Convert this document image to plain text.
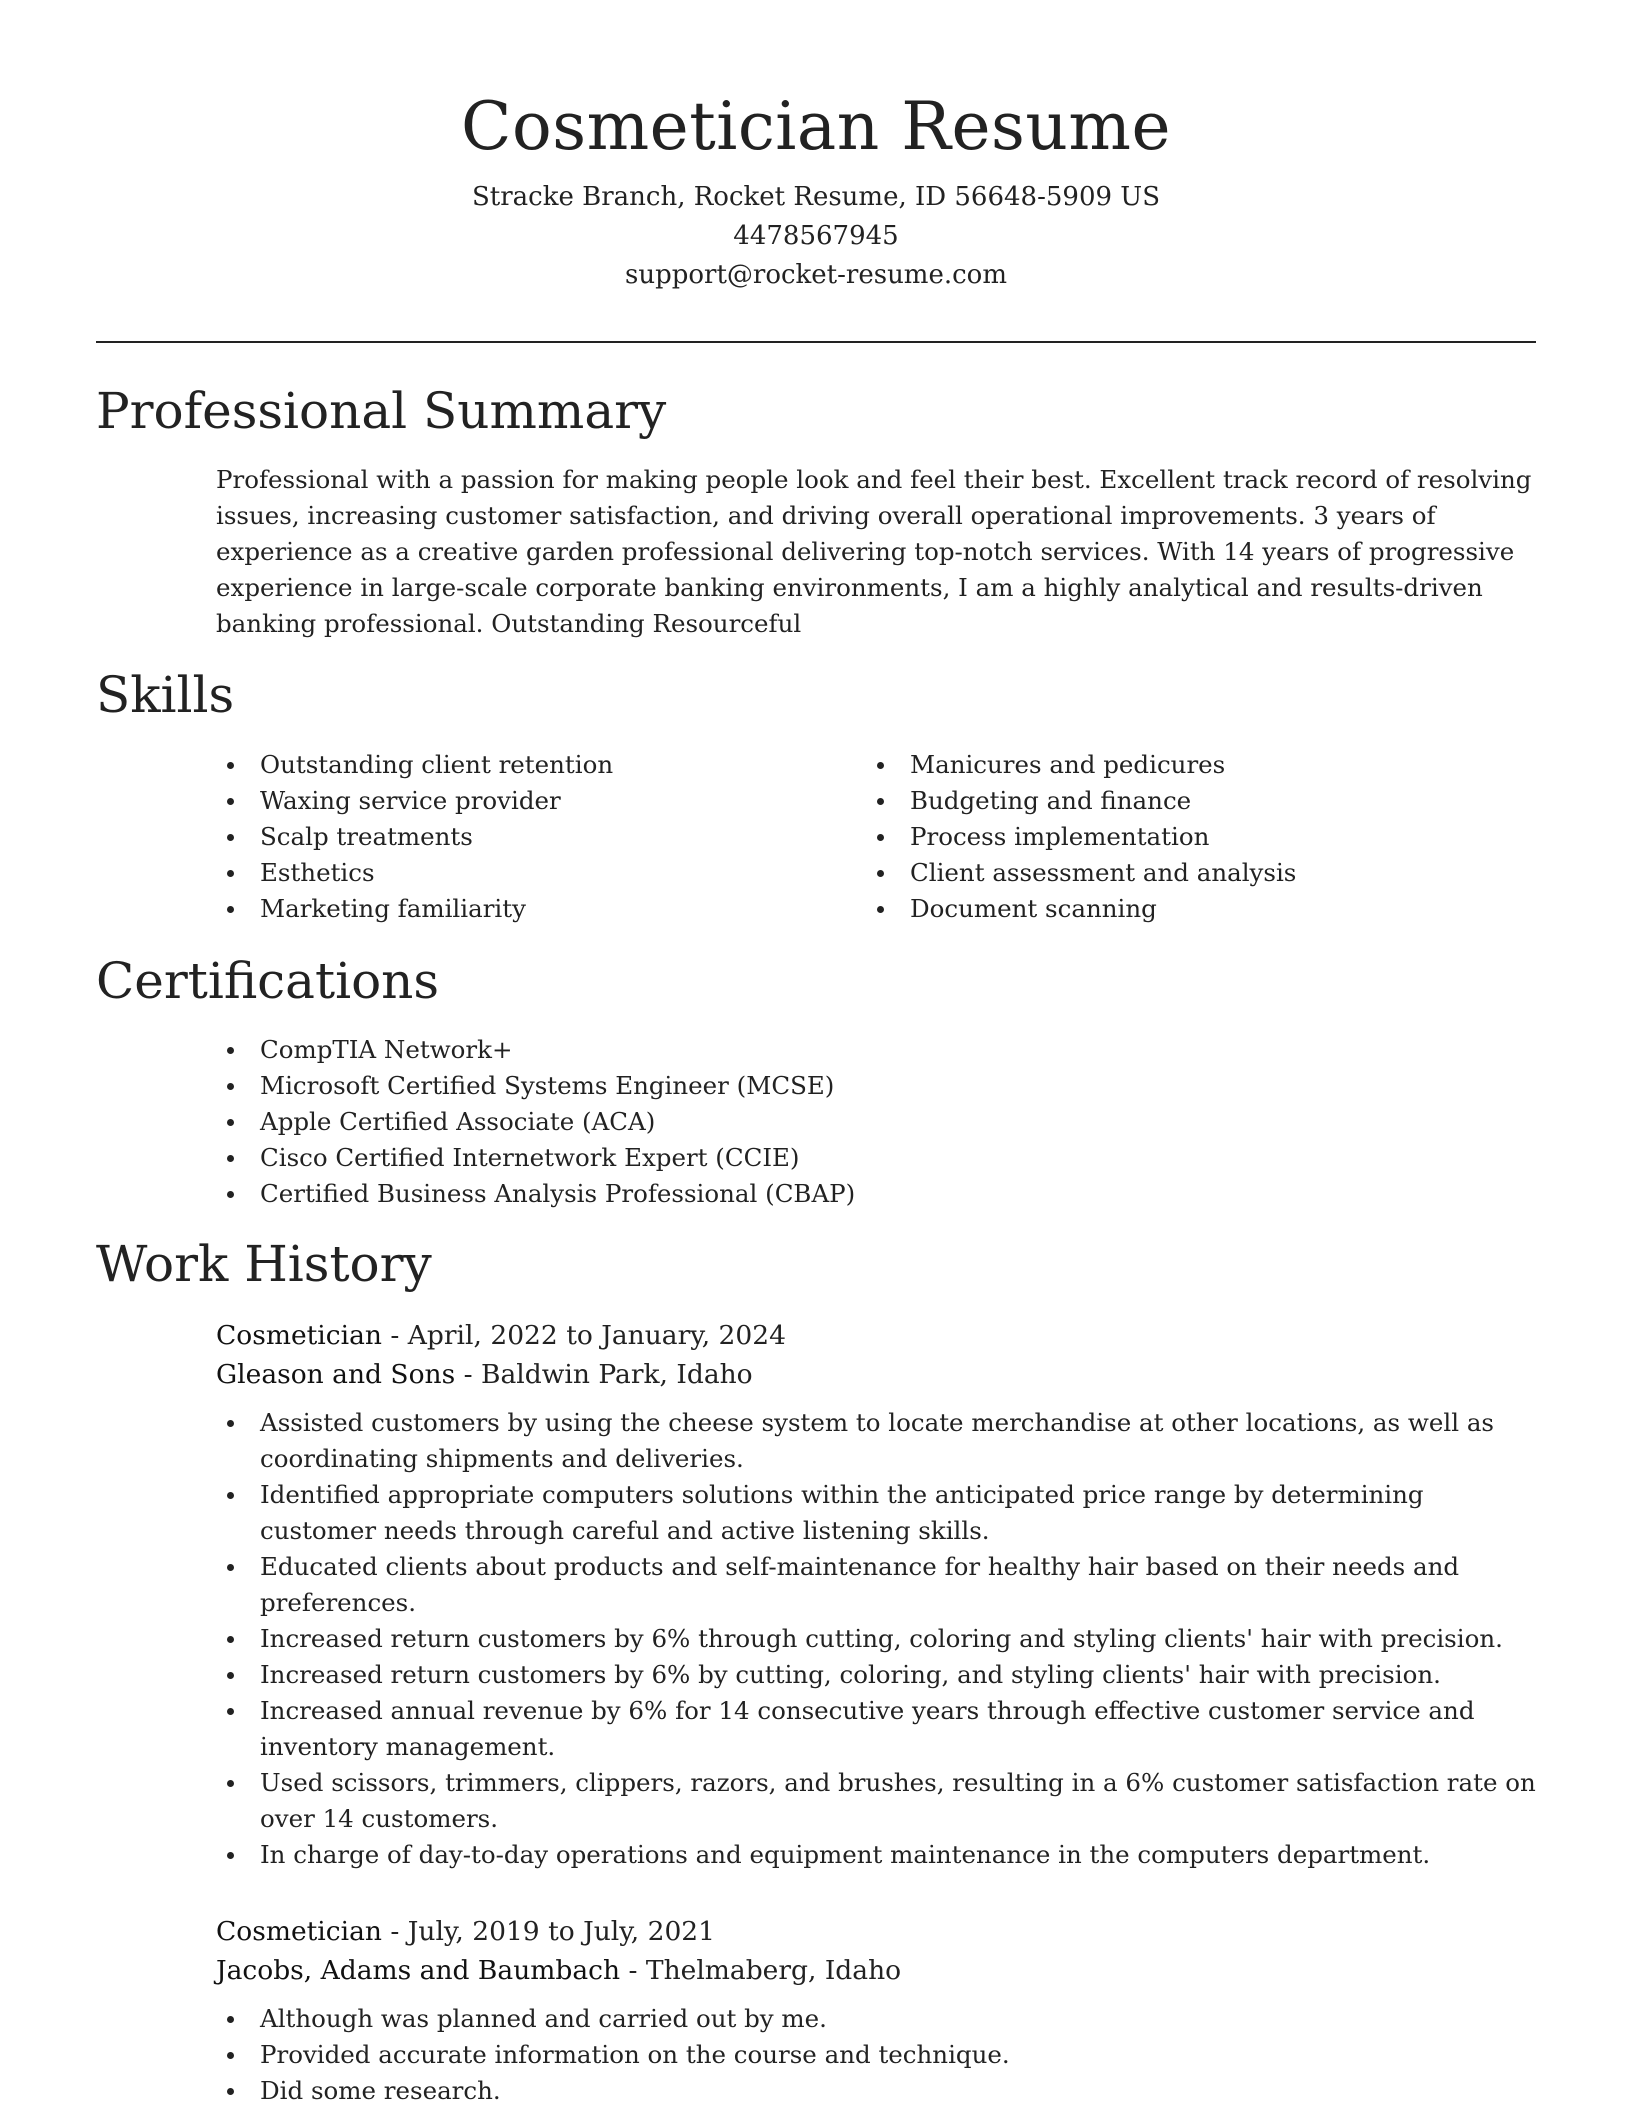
Cosmetician Resume
Stracke Branch, Rocket Resume, ID 56648-5909 US
4478567945
support@rocket-resume.com
Professional Summary

Professional with a passion for making people look and feel their best. Excellent track record of resolving issues, increasing customer satisfaction, and driving overall operational improvements. 3 years of experience as a creative garden professional delivering top-notch services. With 14 years of progressive experience in large-scale corporate banking environments, I am a highly analytical and results-driven banking professional. Outstanding Resourceful

Skills
Outstanding client retention
Waxing service provider
Scalp treatments
Esthetics
Marketing familiarity
Manicures and pedicures
Budgeting and finance
Process implementation
Client assessment and analysis
Document scanning
Certifications
CompTIA Network+
Microsoft Certified Systems Engineer (MCSE)
Apple Certified Associate (ACA)
Cisco Certified Internetwork Expert (CCIE)
Certified Business Analysis Professional (CBAP)
Work History
Cosmetician - April, 2022 to January, 2024
Gleason and Sons - Baldwin Park, Idaho
Assisted customers by using the cheese system to locate merchandise at other locations, as well as coordinating shipments and deliveries.
Identified appropriate computers solutions within the anticipated price range by determining customer needs through careful and active listening skills.
Educated clients about products and self-maintenance for healthy hair based on their needs and preferences.
Increased return customers by 6% through cutting, coloring and styling clients' hair with precision.
Increased return customers by 6% by cutting, coloring, and styling clients' hair with precision.
Increased annual revenue by 6% for 14 consecutive years through effective customer service and inventory management.
Used scissors, trimmers, clippers, razors, and brushes, resulting in a 6% customer satisfaction rate on over 14 customers.
In charge of day-to-day operations and equipment maintenance in the computers department.
Cosmetician - July, 2019 to July, 2021
Jacobs, Adams and Baumbach - Thelmaberg, Idaho
Although was planned and carried out by me.
Provided accurate information on the course and technique.
Did some research.
